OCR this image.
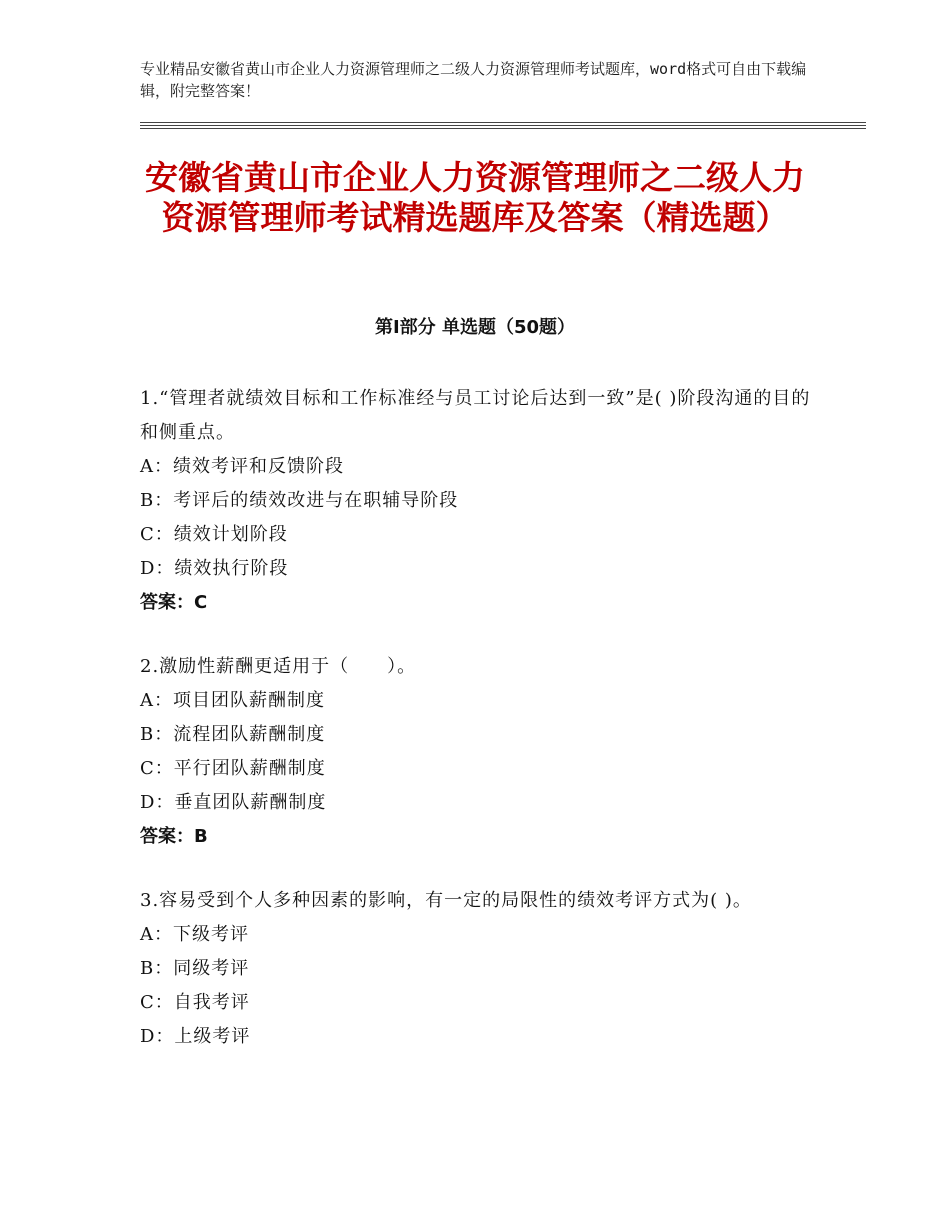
专业精品安徽省黄山市企业人力资源管理师之二级人力资源管理师考试题库，word格式可自由下载编辑，附完整答案！
安徽省黄山市企业人力资源管理师之二级人力资源管理师考试精选题库及答案（精选题）
第Ⅰ部分 单选题（50题）

1.“管理者就绩效目标和工作标准经与员工讨论后达到一致”是( )阶段沟通的目的和侧重点。

A：绩效考评和反馈阶段

B：考评后的绩效改进与在职辅导阶段

C：绩效计划阶段

D：绩效执行阶段

答案：C

2.激励性薪酬更适用于（　　）。

A：项目团队薪酬制度

B：流程团队薪酬制度

C：平行团队薪酬制度

D：垂直团队薪酬制度

答案：B

3.容易受到个人多种因素的影响，有一定的局限性的绩效考评方式为( )。

A：下级考评

B：同级考评

C：自我考评

D：上级考评
